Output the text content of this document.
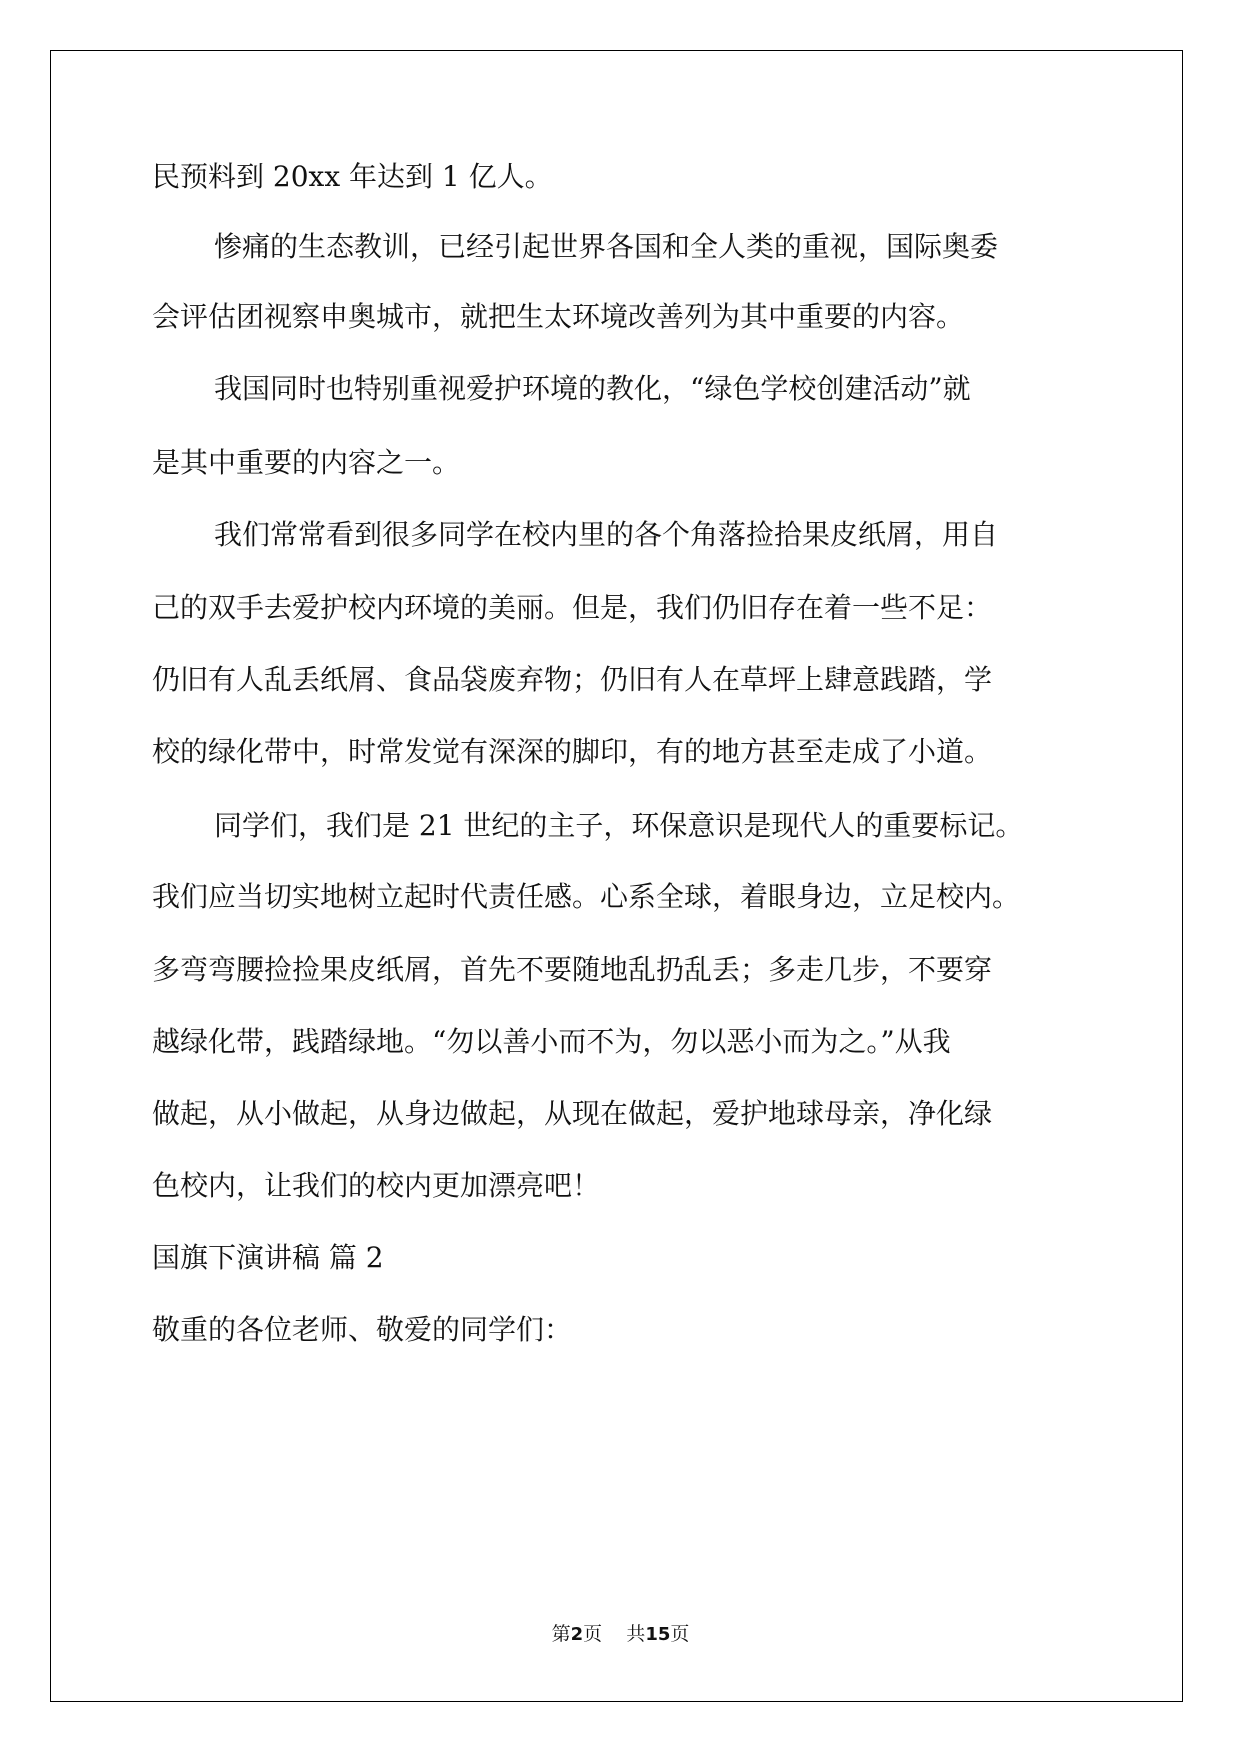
民预料到 20xx 年达到 1 亿人。
惨痛的生态教训，已经引起世界各国和全人类的重视，国际奥委
会评估团视察申奥城市，就把生太环境改善列为其中重要的内容。
我国同时也特别重视爱护环境的教化，“绿色学校创建活动”就
是其中重要的内容之一。
我们常常看到很多同学在校内里的各个角落捡拾果皮纸屑，用自
己的双手去爱护校内环境的美丽。但是，我们仍旧存在着一些不足：
仍旧有人乱丢纸屑、食品袋废弃物；仍旧有人在草坪上肆意践踏，学
校的绿化带中，时常发觉有深深的脚印，有的地方甚至走成了小道。
同学们，我们是 21 世纪的主子，环保意识是现代人的重要标记。
我们应当切实地树立起时代责任感。心系全球，着眼身边，立足校内。
多弯弯腰捡捡果皮纸屑，首先不要随地乱扔乱丢；多走几步，不要穿
越绿化带，践踏绿地。“勿以善小而不为，勿以恶小而为之。”从我
做起，从小做起，从身边做起，从现在做起，爱护地球母亲，净化绿
色校内，让我们的校内更加漂亮吧！
国旗下演讲稿 篇 2
敬重的各位老师、敬爱的同学们：
第2页    共15页
